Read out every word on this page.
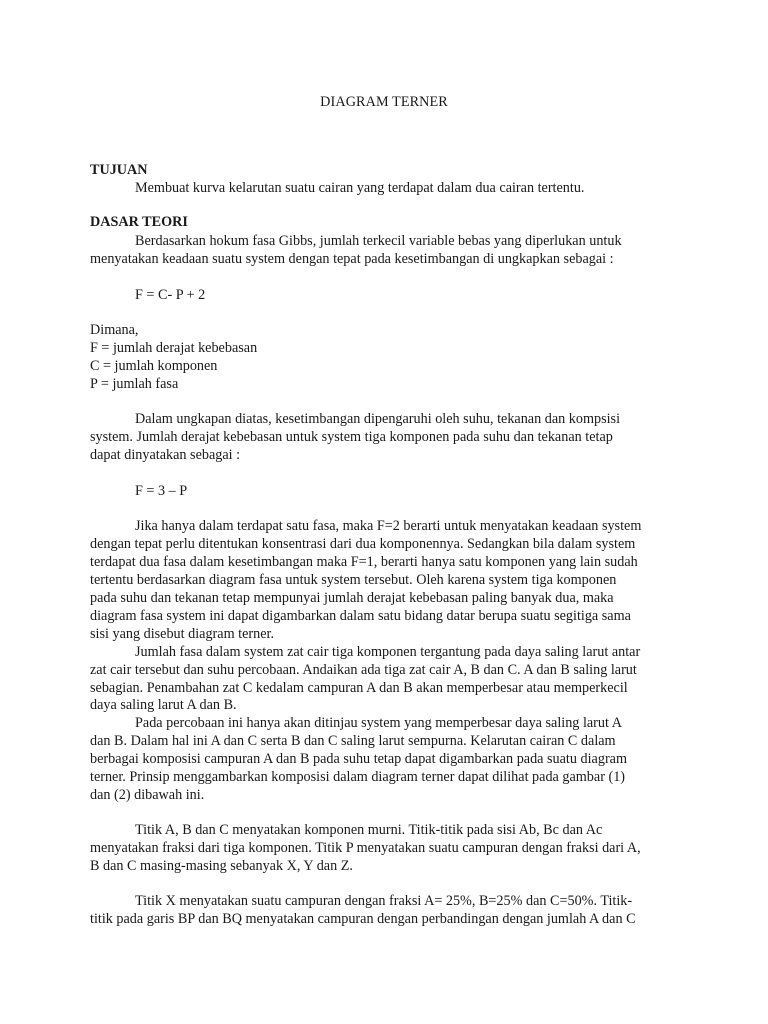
DIAGRAM TERNER
TUJUAN
Membuat kurva kelarutan suatu cairan yang terdapat dalam dua cairan tertentu.
DASAR TEORI
Berdasarkan hokum fasa Gibbs, jumlah terkecil variable bebas yang diperlukan untuk
menyatakan keadaan suatu system dengan tepat pada kesetimbangan di ungkapkan sebagai :
F = C- P + 2
Dimana,
F = jumlah derajat kebebasan
C = jumlah komponen
P = jumlah fasa
Dalam ungkapan diatas, kesetimbangan dipengaruhi oleh suhu, tekanan dan kompsisi
system. Jumlah derajat kebebasan untuk system tiga komponen pada suhu dan tekanan tetap
dapat dinyatakan sebagai :
F = 3 – P
Jika hanya dalam terdapat satu fasa, maka F=2 berarti untuk menyatakan keadaan system
dengan tepat perlu ditentukan konsentrasi dari dua komponennya. Sedangkan bila dalam system
terdapat dua fasa dalam kesetimbangan maka F=1, berarti hanya satu komponen yang lain sudah
tertentu berdasarkan diagram fasa untuk system tersebut. Oleh karena system tiga komponen
pada suhu dan tekanan tetap mempunyai jumlah derajat kebebasan paling banyak dua, maka
diagram fasa system ini dapat digambarkan dalam satu bidang datar berupa suatu segitiga sama
sisi yang disebut diagram terner.
Jumlah fasa dalam system zat cair tiga komponen tergantung pada daya saling larut antar
zat cair tersebut dan suhu percobaan. Andaikan ada tiga zat cair A, B dan C. A dan B saling larut
sebagian. Penambahan zat C kedalam campuran A dan B akan memperbesar atau memperkecil
daya saling larut A dan B.
Pada percobaan ini hanya akan ditinjau system yang memperbesar daya saling larut A
dan B. Dalam hal ini A dan C serta B dan C saling larut sempurna. Kelarutan cairan C dalam
berbagai komposisi campuran A dan B pada suhu tetap dapat digambarkan pada suatu diagram
terner. Prinsip menggambarkan komposisi dalam diagram terner dapat dilihat pada gambar (1)
dan (2) dibawah ini.
Titik A, B dan C menyatakan komponen murni. Titik-titik pada sisi Ab, Bc dan Ac
menyatakan fraksi dari tiga komponen. Titik P menyatakan suatu campuran dengan fraksi dari A,
B dan C masing-masing sebanyak X, Y dan Z.
Titik X menyatakan suatu campuran dengan fraksi A= 25%, B=25% dan C=50%. Titik-
titik pada garis BP dan BQ menyatakan campuran dengan perbandingan dengan jumlah A dan C
